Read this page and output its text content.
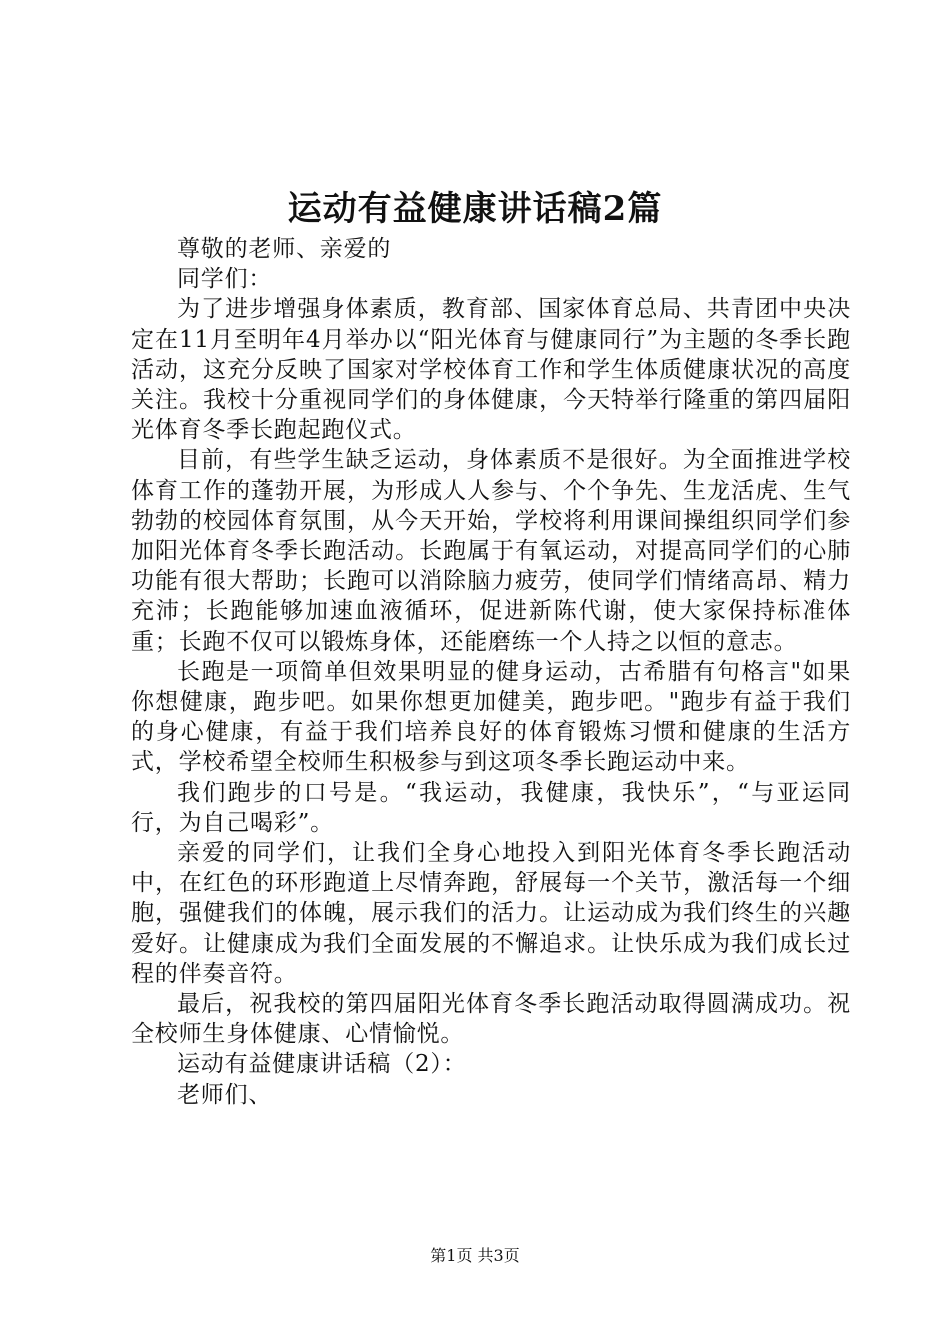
运动有益健康讲话稿2篇

尊敬的老师、亲爱的

同学们：

为了进步增强身体素质，教育部、国家体育总局、共青团中央决定在11月至明年4月举办以“阳光体育与健康同行”为主题的冬季长跑活动，这充分反映了国家对学校体育工作和学生体质健康状况的高度关注。我校十分重视同学们的身体健康，今天特举行隆重的第四届阳光体育冬季长跑起跑仪式。

目前，有些学生缺乏运动，身体素质不是很好。为全面推进学校体育工作的蓬勃开展，为形成人人参与、个个争先、生龙活虎、生气勃勃的校园体育氛围，从今天开始，学校将利用课间操组织同学们参加阳光体育冬季长跑活动。长跑属于有氧运动，对提高同学们的心肺功能有很大帮助；长跑可以消除脑力疲劳，使同学们情绪高昂、精力充沛；长跑能够加速血液循环，促进新陈代谢，使大家保持标准体重；长跑不仅可以锻炼身体，还能磨练一个人持之以恒的意志。

长跑是一项简单但效果明显的健身运动，古希腊有句格言"如果你想健康，跑步吧。如果你想更加健美，跑步吧。"跑步有益于我们的身心健康，有益于我们培养良好的体育锻炼习惯和健康的生活方式，学校希望全校师生积极参与到这项冬季长跑运动中来。

我们跑步的口号是。“我运动，我健康，我快乐”，“与亚运同行，为自己喝彩”。

亲爱的同学们，让我们全身心地投入到阳光体育冬季长跑活动中，在红色的环形跑道上尽情奔跑，舒展每一个关节，激活每一个细胞，强健我们的体魄，展示我们的活力。让运动成为我们终生的兴趣爱好。让健康成为我们全面发展的不懈追求。让快乐成为我们成长过程的伴奏音符。

最后，祝我校的第四届阳光体育冬季长跑活动取得圆满成功。祝全校师生身体健康、心情愉悦。

运动有益健康讲话稿（2）：

老师们、

第1页 共3页
